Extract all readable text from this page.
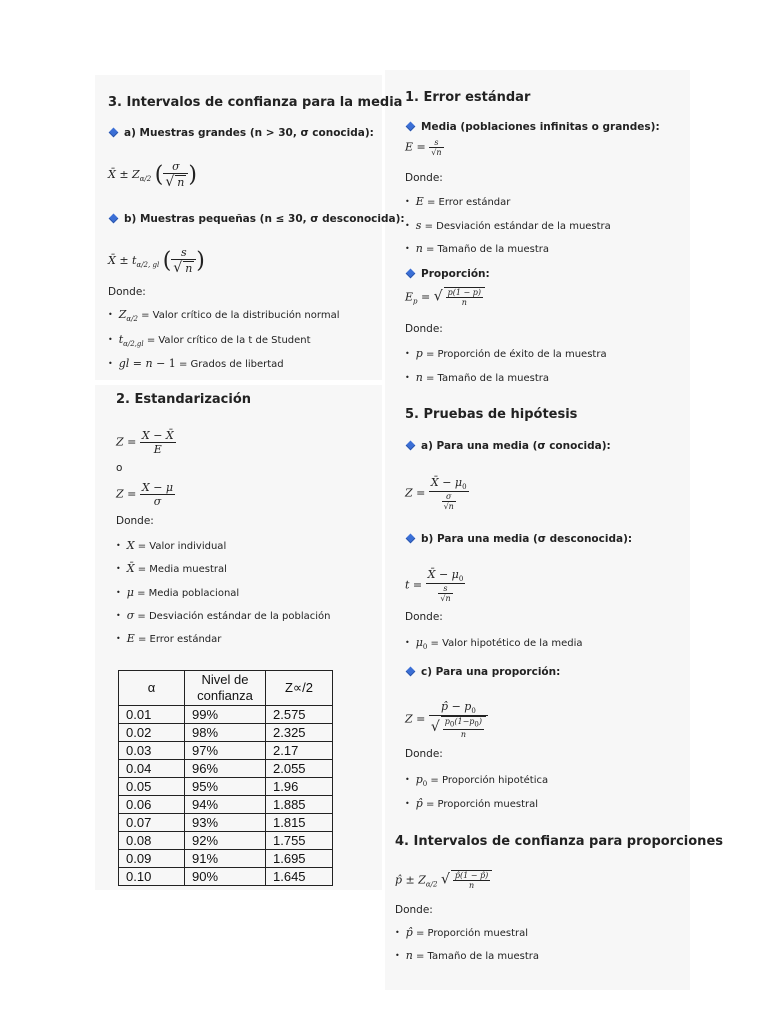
3. Intervalos de confianza para la media
a) Muestras grandes (n > 30, σ conocida):
X̄ ± $Z_{\alpha/2}$ ( $\frac{\sigma}{√ n}$ )
b) Muestras pequeñas (n ≤ 30, σ desconocida):
X̄ ± $t_{\alpha/2, gl}$ ( $\frac{s}{√ n}$ )
Donde:
• $Z_{\alpha/2}$ = Valor crítico de la distribución normal
• $t_{\alpha/2,gl}$ = Valor crítico de la t de Student
• gl = n − 1 = Grados de libertad
2. Estandarización
$Z = \frac{X - X̄}{E}$
o
$Z = \frac{X - \mu}{\sigma}$
Donde:
• X = Valor individual
• X̄ = Media muestral
• μ = Media poblacional
• σ = Desviación estándar de la población
• E = Error estándar
α	Nivel de confianza	Z∝/2
0.01	99%	2.575
0.02	98%	2.325
0.03	97%	2.17
0.04	96%	2.055
0.05	95%	1.96
0.06	94%	1.885
0.07	93%	1.815
0.08	92%	1.755
0.09	91%	1.695
0.10	90%	1.645
1. Error estándar
Media (poblaciones infinitas o grandes):
$E = \frac{s}{√n}$
Donde:
• E = Error estándar
• s = Desviación estándar de la muestra
• n = Tamaño de la muestra
Proporción:
$E_p$ = √ $\frac{p(1 - p)}{n}$
Donde:
• p = Proporción de éxito de la muestra
• n = Tamaño de la muestra
5. Pruebas de hipótesis
a) Para una media (σ conocida):
$Z = \frac{X̄ - \mu_0}{\frac{\sigma}{√n}}$
b) Para una media (σ desconocida):
$t = \frac{X̄ - \mu_0}{\frac{s}{√n}}$
Donde:
• $\mu_0$ = Valor hipotético de la media
c) Para una proporción:
$Z = \frac{p̂ - p_0}{√ \frac{p_0(1-p_0)}{n}}$
Donde:
• $p_0$ = Proporción hipotética
• p̂ = Proporción muestral
4. Intervalos de confianza para proporciones
p̂ ± $Z_{\alpha/2}$ √ $\frac{p̂(1 - p̂)}{n}$
Donde:
• p̂ = Proporción muestral
• n = Tamaño de la muestra
